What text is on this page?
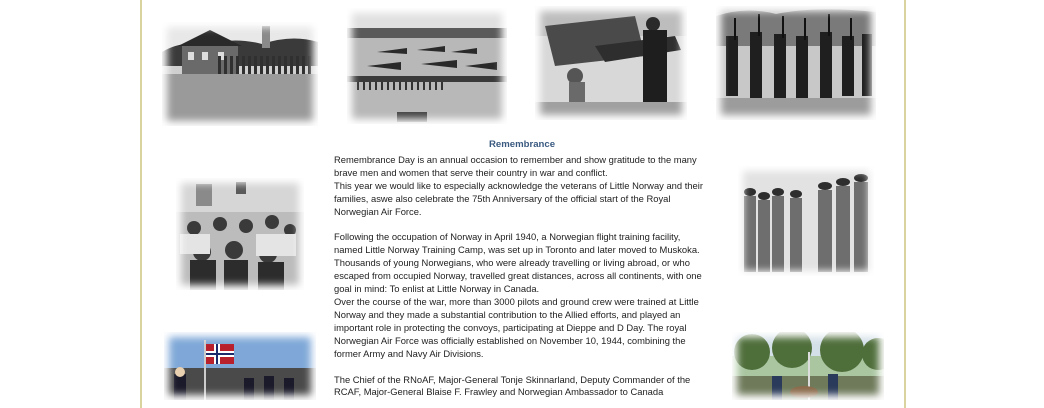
Remembrance

Remembrance Day is an annual occasion to remember and show gratitude to the many brave men and women that serve their country in war and conflict.

This year we would like to especially acknowledge the veterans of Little Norway and their families, aswe also celebrate the 75th Anniversary of the official start of the Royal Norwegian Air Force.

Following the occupation of Norway in April 1940, a Norwegian flight training facility, named Little Norway Training Camp, was set up in Toronto and later moved to Muskoka. Thousands of young Norwegians, who were already travelling or living abroad, or who escaped from occupied Norway, travelled great distances, across all continents, with one goal in mind: To enlist at Little Norway in Canada.

Over the course of the war, more than 3000 pilots and ground crew were trained at Little Norway and they made a substantial contribution to the Allied efforts, and played an important role in protecting the convoys, participating at Dieppe and D Day. The royal Norwegian Air Force was officially established on November 10, 1944, combining the former Army and Navy Air Divisions.

The Chief of the RNoAF, Major-General Tonje Skinnarland, Deputy Commander of the RCAF, Major-General Blaise F. Frawley and Norwegian Ambassador to Canada
